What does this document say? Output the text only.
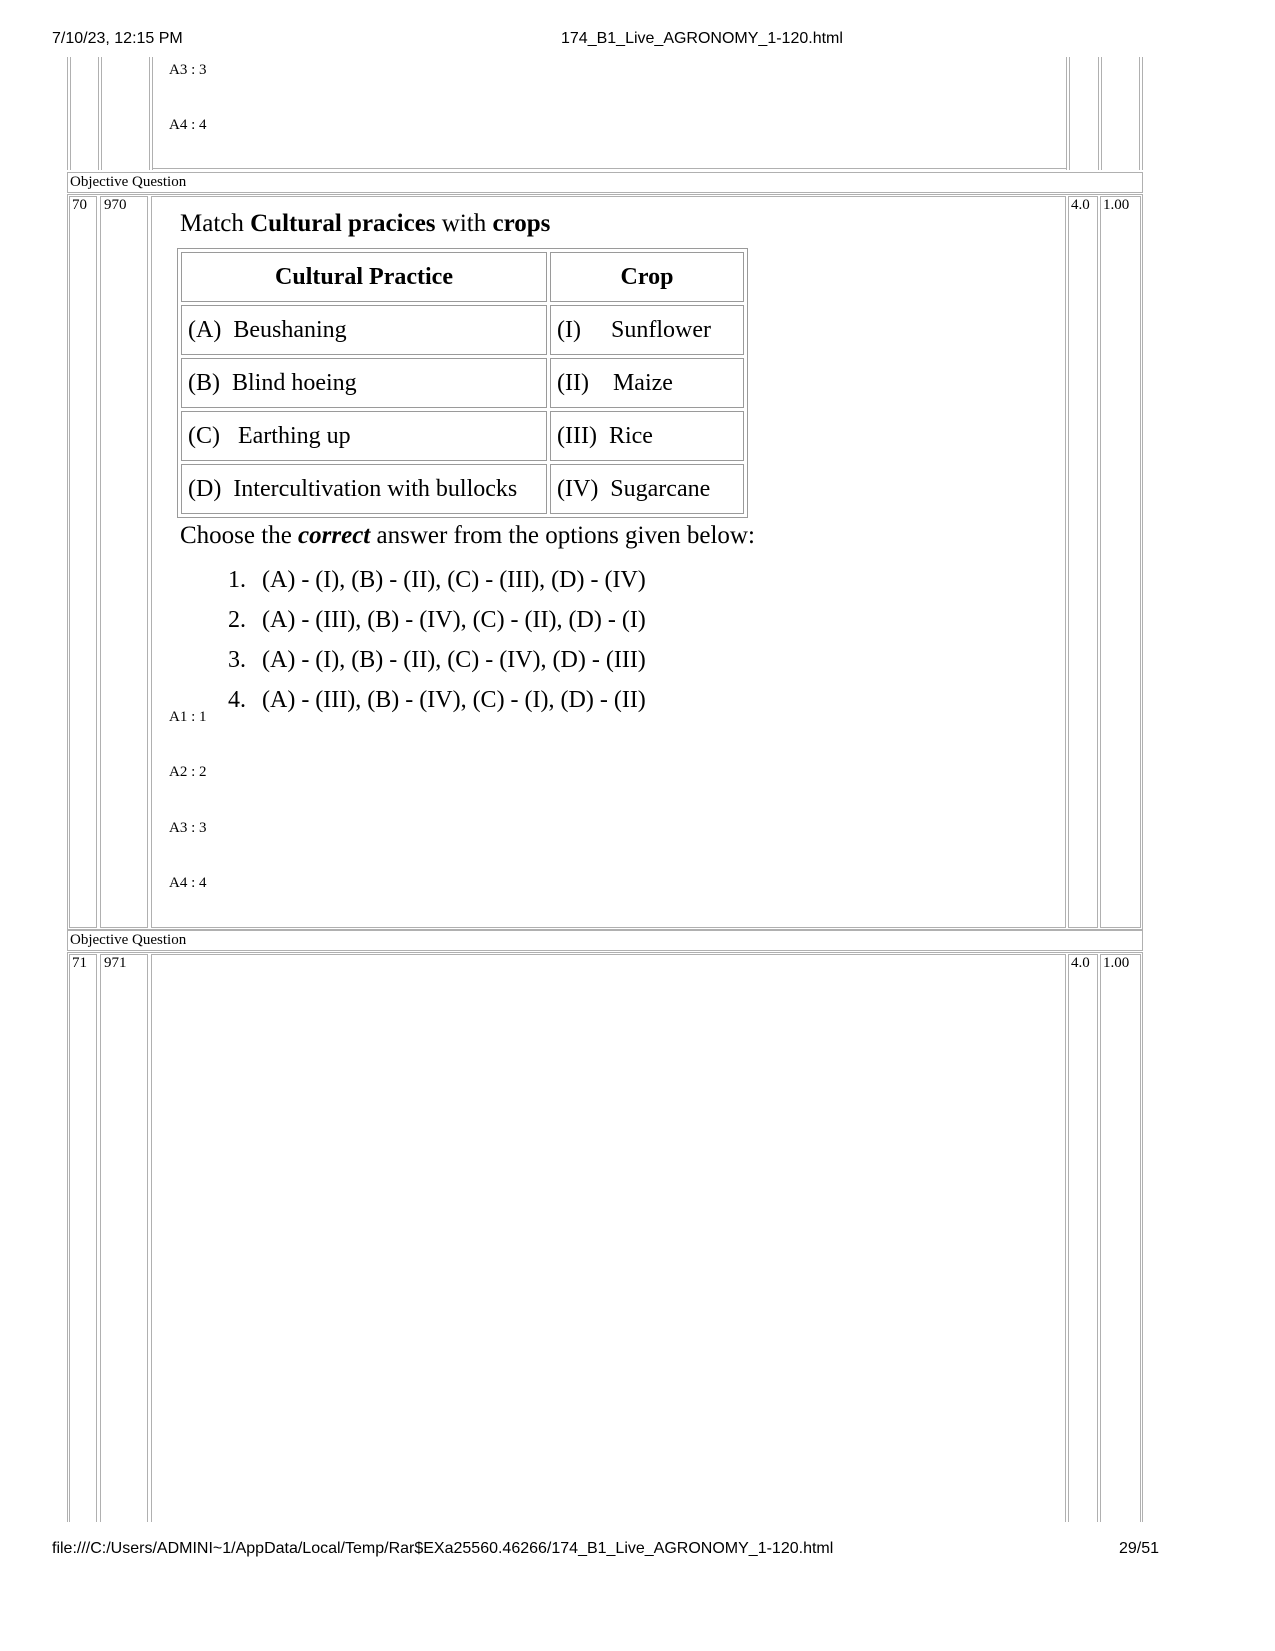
7/10/23, 12:15 PM	174_B1_Live_AGRONOMY_1-120.html
A3 : 3
A4 : 4
Objective Question
70 970	4.0 1.00
Match Cultural pracices with crops
Cultural Practice	Crop
(A)  Beushaning	(I)     Sunflower
(B)  Blind hoeing	(II)    Maize
(C)   Earthing up	(III)  Rice
(D)  Intercultivation with bullocks	(IV)  Sugarcane
Choose the correct answer from the options given below:
1. (A) - (I), (B) - (II), (C) - (III), (D) - (IV)
2. (A) - (III), (B) - (IV), (C) - (II), (D) - (I)
3. (A) - (I), (B) - (II), (C) - (IV), (D) - (III)
4. (A) - (III), (B) - (IV), (C) - (I), (D) - (II)
A1 : 1
A2 : 2
A3 : 3
A4 : 4
Objective Question
71 971	4.0 1.00
file:///C:/Users/ADMINI~1/AppData/Local/Temp/Rar$EXa25560.46266/174_B1_Live_AGRONOMY_1-120.html	29/51
